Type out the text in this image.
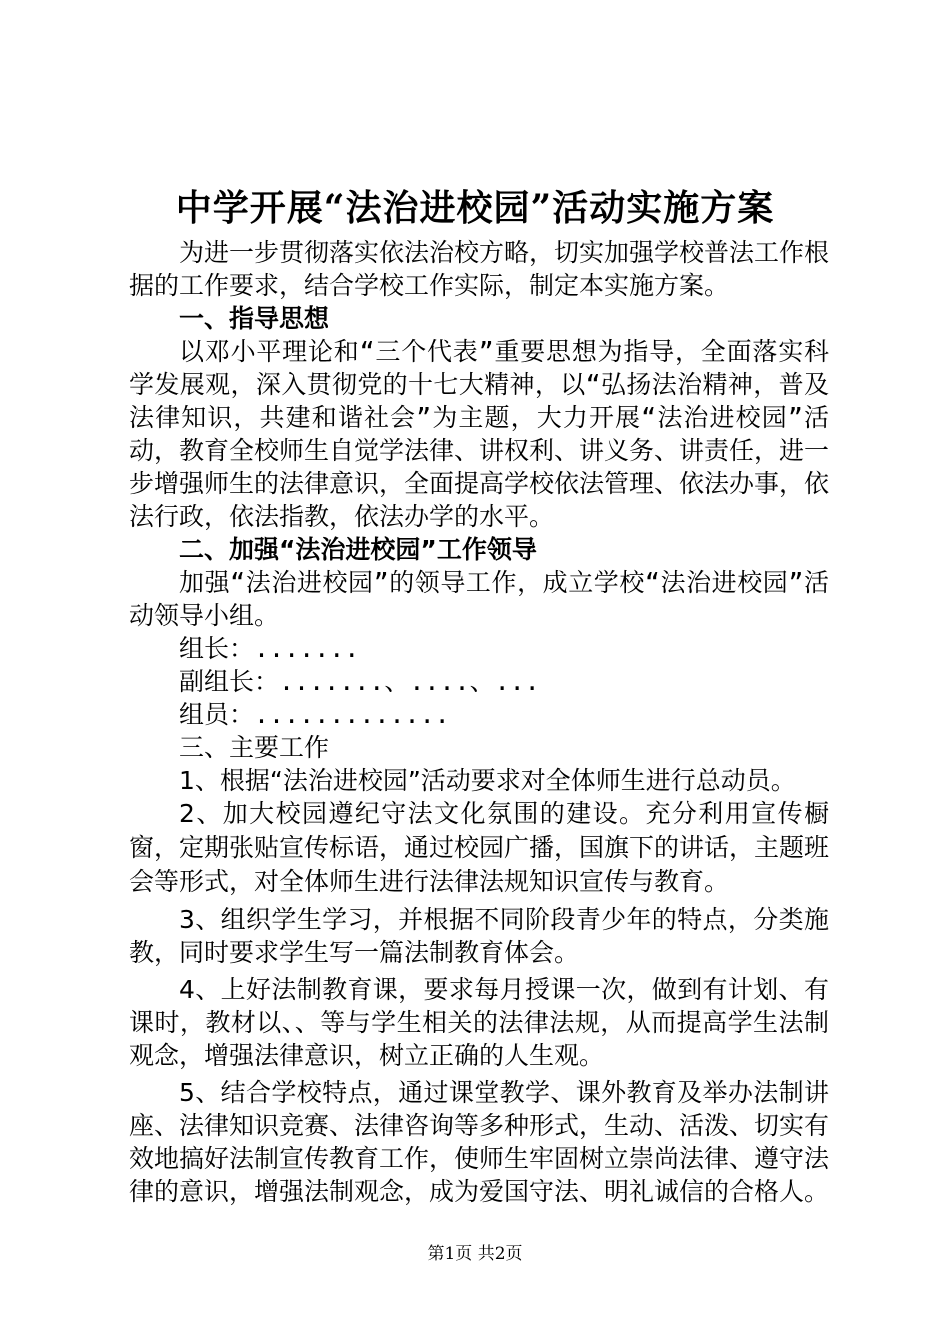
中学开展“法治进校园”活动实施方案

为进一步贯彻落实依法治校方略，切实加强学校普法工作根据的工作要求，结合学校工作实际，制定本实施方案。

一、指导思想

以邓小平理论和“三个代表”重要思想为指导，全面落实科学发展观，深入贯彻党的十七大精神，以“弘扬法治精神，普及法律知识，共建和谐社会”为主题，大力开展“法治进校园”活动，教育全校师生自觉学法律、讲权利、讲义务、讲责任，进一步增强师生的法律意识，全面提高学校依法管理、依法办事，依法行政，依法指教，依法办学的水平。

二、加强“法治进校园”工作领导

加强“法治进校园”的领导工作，成立学校“法治进校园”活动领导小组。

组长：.......

副组长：.......、....、...

组员：.............

三、主要工作

1、根据“法治进校园”活动要求对全体师生进行总动员。

2、加大校园遵纪守法文化氛围的建设。充分利用宣传橱窗，定期张贴宣传标语，通过校园广播，国旗下的讲话，主题班会等形式，对全体师生进行法律法规知识宣传与教育。

3、组织学生学习，并根据不同阶段青少年的特点，分类施教，同时要求学生写一篇法制教育体会。

4、上好法制教育课，要求每月授课一次，做到有计划、有课时，教材以、、等与学生相关的法律法规，从而提高学生法制观念，增强法律意识，树立正确的人生观。

5、结合学校特点，通过课堂教学、课外教育及举办法制讲座、法律知识竞赛、法律咨询等多种形式，生动、活泼、切实有效地搞好法制宣传教育工作，使师生牢固树立崇尚法律、遵守法律的意识，增强法制观念，成为爱国守法、明礼诚信的合格人。

第1页 共2页
